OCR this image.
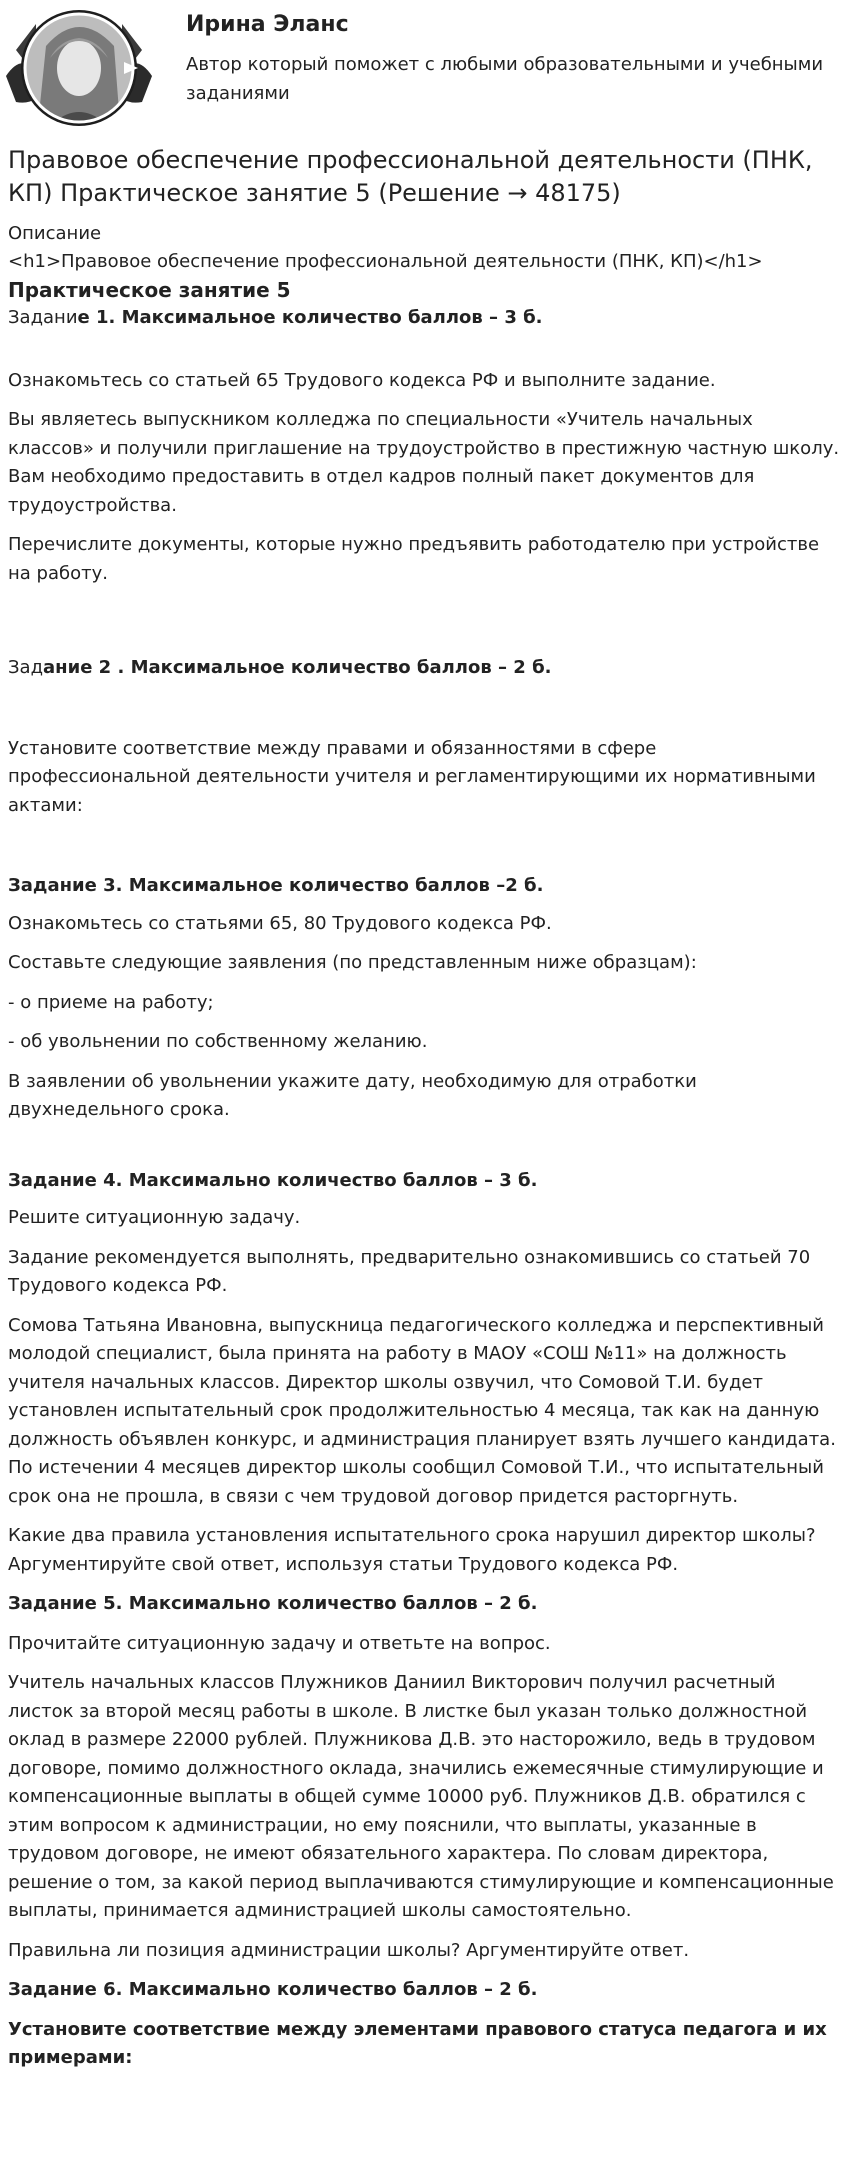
Ирина Эланс

Автор который поможет с любыми образовательными и учебными заданиями

Правовое обеспечение профессиональной деятельности (ПНК, КП) Практическое занятие 5 (Решение → 48175)

Описание

<h1>Правовое обеспечение профессиональной деятельности (ПНК, КП)</h1>

Практическое занятие 5

Задание 1. Максимальное количество баллов – 3 б.

Ознакомьтесь со статьей 65 Трудового кодекса РФ и выполните задание.

Вы являетесь выпускником колледжа по специальности «Учитель начальных классов» и получили приглашение на трудоустройство в престижную частную школу. Вам необходимо предоставить в отдел кадров полный пакет документов для трудоустройства.

Перечислите документы, которые нужно предъявить работодателю при устройстве на работу.

Задание 2 . Максимальное количество баллов – 2 б.

Установите соответствие между правами и обязанностями в сфере профессиональной деятельности учителя и регламентирующими их нормативными актами:

Задание 3. Максимальное количество баллов –2 б.

Ознакомьтесь со статьями 65, 80 Трудового кодекса РФ.

Составьте следующие заявления (по представленным ниже образцам):

- о приеме на работу;

- об увольнении по собственному желанию.

В заявлении об увольнении укажите дату, необходимую для отработки двухнедельного срока.

Задание 4. Максимально количество баллов – 3 б.

Решите ситуационную задачу.

Задание рекомендуется выполнять, предварительно ознакомившись со статьей 70 Трудового кодекса РФ.

Сомова Татьяна Ивановна, выпускница педагогического колледжа и перспективный молодой специалист, была принята на работу в МАОУ «СОШ №11» на должность учителя начальных классов. Директор школы озвучил, что Сомовой Т.И. будет установлен испытательный срок продолжительностью 4 месяца, так как на данную должность объявлен конкурс, и администрация планирует взять лучшего кандидата. По истечении 4 месяцев директор школы сообщил Сомовой Т.И., что испытательный срок она не прошла, в связи с чем трудовой договор придется расторгнуть.

Какие два правила установления испытательного срока нарушил директор школы? Аргументируйте свой ответ, используя статьи Трудового кодекса РФ.

Задание 5. Максимально количество баллов – 2 б.

Прочитайте ситуационную задачу и ответьте на вопрос.

Учитель начальных классов Плужников Даниил Викторович получил расчетный листок за второй месяц работы в школе. В листке был указан только должностной оклад в размере 22000 рублей. Плужникова Д.В. это насторожило, ведь в трудовом договоре, помимо должностного оклада, значились ежемесячные стимулирующие и компенсационные выплаты в общей сумме 10000 руб. Плужников Д.В. обратился с этим вопросом к администрации, но ему пояснили, что выплаты, указанные в трудовом договоре, не имеют обязательного характера. По словам директора, решение о том, за какой период выплачиваются стимулирующие и компенсационные выплаты, принимается администрацией школы самостоятельно.

Правильна ли позиция администрации школы? Аргументируйте ответ.

Задание 6. Максимально количество баллов – 2 б.

Установите соответствие между элементами правового статуса педагога и их примерами:
